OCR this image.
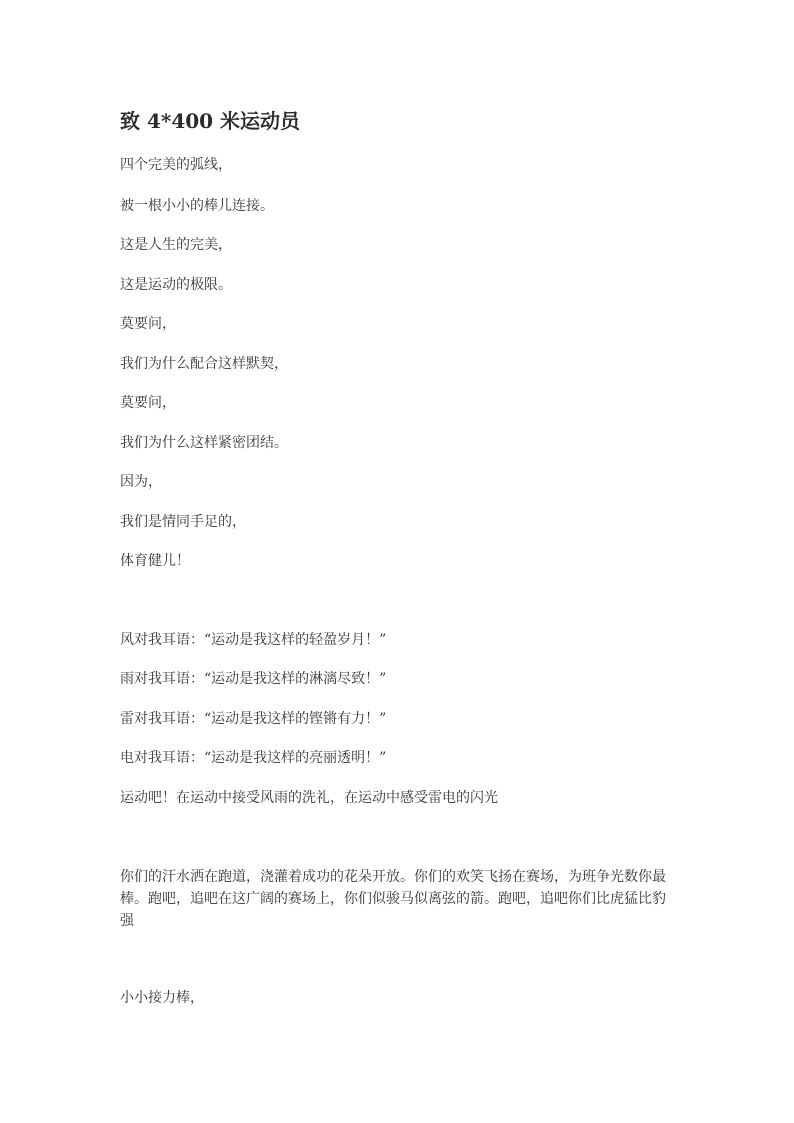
致 4*400 米运动员
四个完美的弧线，
被一根小小的棒儿连接。
这是人生的完美，
这是运动的极限。
莫要问，
我们为什么配合这样默契，
莫要问，
我们为什么这样紧密团结。
因为，
我们是情同手足的，
体育健儿！
风对我耳语：“运动是我这样的轻盈岁月！”
雨对我耳语：“运动是我这样的淋漓尽致！”
雷对我耳语：“运动是我这样的铿锵有力！”
电对我耳语：“运动是我这样的亮丽透明！”
运动吧！在运动中接受风雨的洗礼，在运动中感受雷电的闪光
你们的汗水洒在跑道，浇灌着成功的花朵开放。你们的欢笑飞扬在赛场，为班争光数你最棒。跑吧，追吧在这广阔的赛场上，你们似骏马似离弦的箭。跑吧，追吧你们比虎猛比豹强
小小接力棒，
